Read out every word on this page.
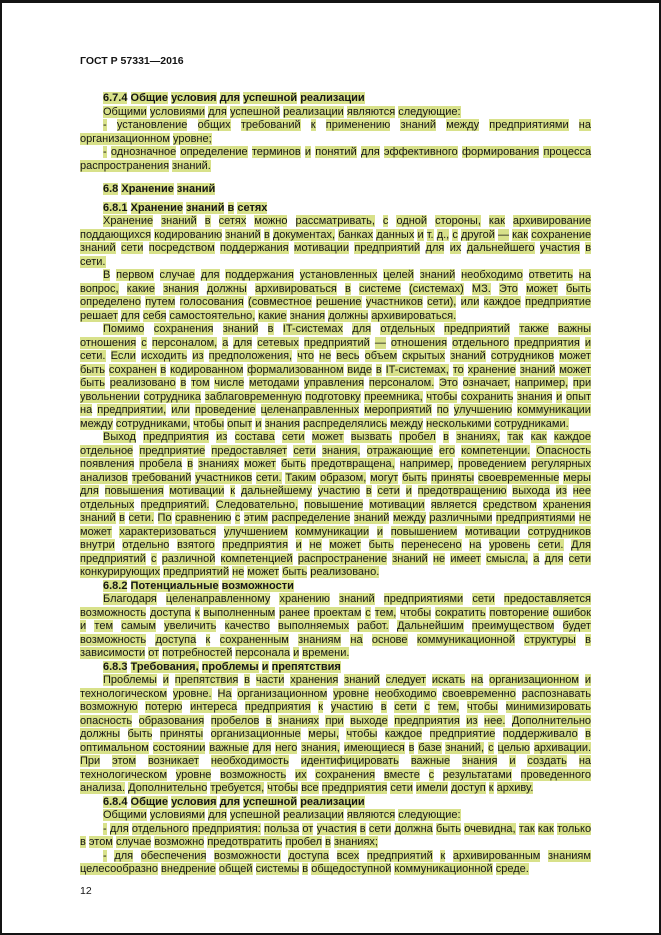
ГОСТ Р 57331—2016

6.7.4 Общие условия для успешной реализации

Общими условиями для успешной реализации являются следующие:

- установление общих требований к применению знаний между предприятиями на организационном уровне;

- однозначное определение терминов и понятий для эффективного формирования процесса распространения знаний.

6.8 Хранение знаний

6.8.1 Хранение знаний в сетях

Хранение знаний в сетях можно рассматривать, с одной стороны, как архивирование поддающихся кодированию знаний в документах, банках данных и т. д., с другой — как сохранение знаний сети посредством поддержания мотивации предприятий для их дальнейшего участия в сети.

В первом случае для поддержания установленных целей знаний необходимо ответить на вопрос, какие знания должны архивироваться в системе (системах) МЗ. Это может быть определено путем голосования (совместное решение участников сети), или каждое предприятие решает для себя самостоятельно, какие знания должны архивироваться.

Помимо сохранения знаний в IT-системах для отдельных предприятий также важны отношения с персоналом, а для сетевых предприятий — отношения отдельного предприятия и сети. Если исходить из предположения, что не весь объем скрытых знаний сотрудников может быть сохранен в кодированном формализованном виде в IT-системах, то хранение знаний может быть реализовано в том числе методами управления персоналом. Это означает, например, при увольнении сотрудника заблаговременную подготовку преемника, чтобы сохранить знания и опыт на предприятии, или проведение целенаправленных мероприятий по улучшению коммуникации между сотрудниками, чтобы опыт и знания распределялись между несколькими сотрудниками.

Выход предприятия из состава сети может вызвать пробел в знаниях, так как каждое отдельное предприятие предоставляет сети знания, отражающие его компетенции. Опасность появления пробела в знаниях может быть предотвращена, например, проведением регулярных анализов требований участников сети. Таким образом, могут быть приняты своевременные меры для повышения мотивации к дальнейшему участию в сети и предотвращению выхода из нее отдельных предприятий. Следовательно, повышение мотивации является средством хранения знаний в сети. По сравнению с этим распределение знаний между различными предприятиями не может характеризоваться улучшением коммуникации и повышением мотивации сотрудников внутри отдельно взятого предприятия и не может быть перенесено на уровень сети. Для предприятий с различной компетенцией распространение знаний не имеет смысла, а для сети конкурирующих предприятий не может быть реализовано.

6.8.2 Потенциальные возможности

Благодаря целенаправленному хранению знаний предприятиями сети предоставляется возможность доступа к выполненным ранее проектам с тем, чтобы сократить повторение ошибок и тем самым увеличить качество выполняемых работ. Дальнейшим преимуществом будет возможность доступа к сохраненным знаниям на основе коммуникационной структуры в зависимости от потребностей персонала и времени.

6.8.3 Требования, проблемы и препятствия

Проблемы и препятствия в части хранения знаний следует искать на организационном и технологическом уровне. На организационном уровне необходимо своевременно распознавать возможную потерю интереса предприятия к участию в сети с тем, чтобы минимизировать опасность образования пробелов в знаниях при выходе предприятия из нее. Дополнительно должны быть приняты организационные меры, чтобы каждое предприятие поддерживало в оптимальном состоянии важные для него знания, имеющиеся в базе знаний, с целью архивации. При этом возникает необходимость идентифицировать важные знания и создать на технологическом уровне возможность их сохранения вместе с результатами проведенного анализа. Дополнительно требуется, чтобы все предприятия сети имели доступ к архиву.

6.8.4 Общие условия для успешной реализации

Общими условиями для успешной реализации являются следующие:

- для отдельного предприятия: польза от участия в сети должна быть очевидна, так как только в этом случае возможно предотвратить пробел в знаниях;

- для обеспечения возможности доступа всех предприятий к архивированным знаниям целесообразно внедрение общей системы в общедоступной коммуникационной среде.

12
